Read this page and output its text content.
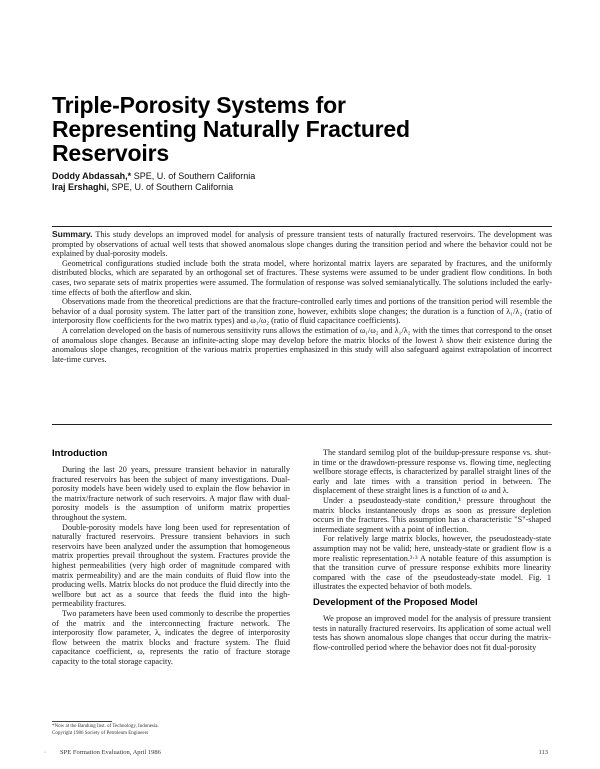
Triple-Porosity Systems for Representing Naturally Fractured Reservoirs
Doddy Abdassah,* SPE, U. of Southern California
Iraj Ershaghi, SPE, U. of Southern California

Summary. This study develops an improved model for analysis of pressure transient tests of naturally fractured reservoirs. The development was prompted by observations of actual well tests that showed anomalous slope changes during the transition period and where the behavior could not be explained by dual-porosity models.

Geometrical configurations studied include both the strata model, where horizontal matrix layers are separated by fractures, and the uniformly distributed blocks, which are separated by an orthogonal set of fractures. These systems were assumed to be under gradient flow conditions. In both cases, two separate sets of matrix properties were assumed. The formulation of response was solved semianalytically. The solutions included the early-time effects of both the afterflow and skin.

Observations made from the theoretical predictions are that the fracture-controlled early times and portions of the transition period will resemble the behavior of a dual porosity system. The latter part of the transition zone, however, exhibits slope changes; the duration is a function of λ₁/λ₂ (ratio of interporosity flow coefficients for the two matrix types) and ω₁/ω₂ (ratio of fluid capacitance coefficients).

A correlation developed on the basis of numerous sensitivity runs allows the estimation of ω₁/ω₂ and λ₁/λ₂ with the times that correspond to the onset of anomalous slope changes. Because an infinite-acting slope may develop before the matrix blocks of the lowest λ show their existence during the anomalous slope changes, recognition of the various matrix properties emphasized in this study will also safeguard against extrapolation of incorrect late-time curves.

Introduction

During the last 20 years, pressure transient behavior in naturally fractured reservoirs has been the subject of many investigations. Dual-porosity models have been widely used to explain the flow behavior in the matrix/fracture network of such reservoirs. A major flaw with dual-porosity models is the assumption of uniform matrix properties throughout the system.

Double-porosity models have long been used for representation of naturally fractured reservoirs. Pressure transient behaviors in such reservoirs have been analyzed under the assumption that homogeneous matrix properties prevail throughout the system. Fractures provide the highest permeabilities (very high order of magnitude compared with matrix permeability) and are the main conduits of fluid flow into the producing wells. Matrix blocks do not produce the fluid directly into the wellbore but act as a source that feeds the fluid into the high-permeability fractures.

Two parameters have been used commonly to describe the properties of the matrix and the interconnecting fracture network. The interporosity flow parameter, λ, indicates the degree of interporosity flow between the matrix blocks and fracture system. The fluid capacitance coefficient, ω, represents the ratio of fracture storage capacity to the total storage capacity.

The standard semilog plot of the buildup-pressure response vs. shut-in time or the drawdown-pressure response vs. flowing time, neglecting wellbore storage effects, is characterized by parallel straight lines of the early and late times with a transition period in between. The displacement of these straight lines is a function of ω and λ.

Under a pseudosteady-state condition,¹ pressure throughout the matrix blocks instantaneously drops as soon as pressure depletion occurs in the fractures. This assumption has a characteristic "S"-shaped intermediate segment with a point of inflection.

For relatively large matrix blocks, however, the pseudosteady-state assumption may not be valid; here, unsteady-state or gradient flow is a more realistic representation.²·³ A notable feature of this assumption is that the transition curve of pressure response exhibits more linearity compared with the case of the pseudosteady-state model. Fig. 1 illustrates the expected behavior of both models.

Development of the Proposed Model

We propose an improved model for the analysis of pressure transient tests in naturally fractured reservoirs. Its application of some actual well tests has shown anomalous slope changes that occur during the matrix-flow-controlled period where the behavior does not fit dual-porosity

*Now at the Bandung Inst. of Technology, Indonesia.
Copyright 1986 Society of Petroleum Engineers
· SPE Formation Evaluation, April 1986	113
